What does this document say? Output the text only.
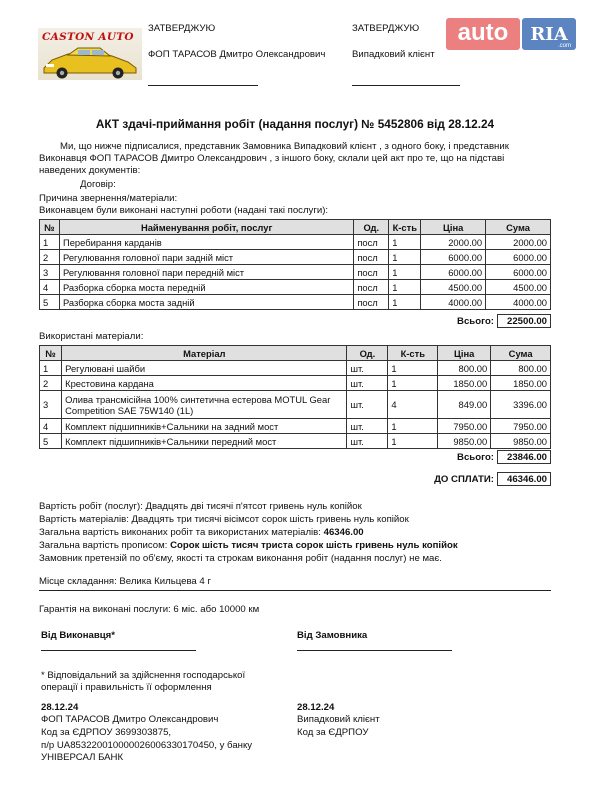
CASTON AUTO
ЗАТВЕРДЖУЮ
ФОП ТАРАСОВ Дмитро Олександрович
ЗАТВЕРДЖУЮ
Випадковий клієнт
auto	RIA
.com
АКТ здачі-приймання робіт (надання послуг) № 5452806 від 28.12.24
Ми, що нижче підписалися, представник Замовника Випадковий клієнт , з одного боку, і представник
Виконавця ФОП ТАРАСОВ Дмитро Олександрович , з іншого боку, склали цей акт про те, що на підставі
наведених документів:
Договір:
Причина звернення/матеріали:
Виконавцем були виконані наступні роботи (надані такі послуги):
№	Найменування робіт, послуг	Од.	К-сть	Ціна	Сума
1	Перебирання карданів	посл	1	2000.00	2000.00
2	Регулювання головної пари задній міст	посл	1	6000.00	6000.00
3	Регулювання головної пари передній міст	посл	1	6000.00	6000.00
4	Разборка сборка моста передній	посл	1	4500.00	4500.00
5	Разборка сборка моста задній	посл	1	4000.00	4000.00
Всього:	22500.00
Використані матеріали:
№	Матеріал	Од.	К-сть	Ціна	Сума
1	Регулювані шайби	шт.	1	800.00	800.00
2	Крестовина кардана	шт.	1	1850.00	1850.00
3	Олива трансмісійна 100% синтетична естерова MOTUL Gear
Competition SAE 75W140 (1L)	шт.	4	849.00	3396.00
4	Комплект підшипників+Сальники на задний мост	шт.	1	7950.00	7950.00
5	Комплект підшипників+Сальники передний мост	шт.	1	9850.00	9850.00
Всього:	23846.00
ДО СПЛАТИ:	46346.00
Вартість робіт (послуг): Двадцять дві тисячі п'ятсот гривень нуль копійок
Вартість матеріалів: Двадцять три тисячі вісімсот сорок шість гривень нуль копійок
Загальна вартість виконаних робіт та використаних матеріалів: 46346.00
Загальна вартість прописом: Сорок шість тисяч триста сорок шість гривень нуль копійок
Замовник претензій по об'єму, якості та строкам виконання робіт (надання послуг) не має.
Місце складання: Велика Кильцева 4 г
Гарантія на виконані послуги: 6 міс. або 10000 км
Від Виконавця*	Від Замовника
* Відповідальний за здійснення господарської
операції і правильність її оформлення
28.12.24
ФОП ТАРАСОВ Дмитро Олександрович
Код за ЄДРПОУ 3699303875,
п/р UA853220010000026006330170450, у банку
УНІВЕРСАЛ БАНК
28.12.24
Випадковий клієнт
Код за ЄДРПОУ
